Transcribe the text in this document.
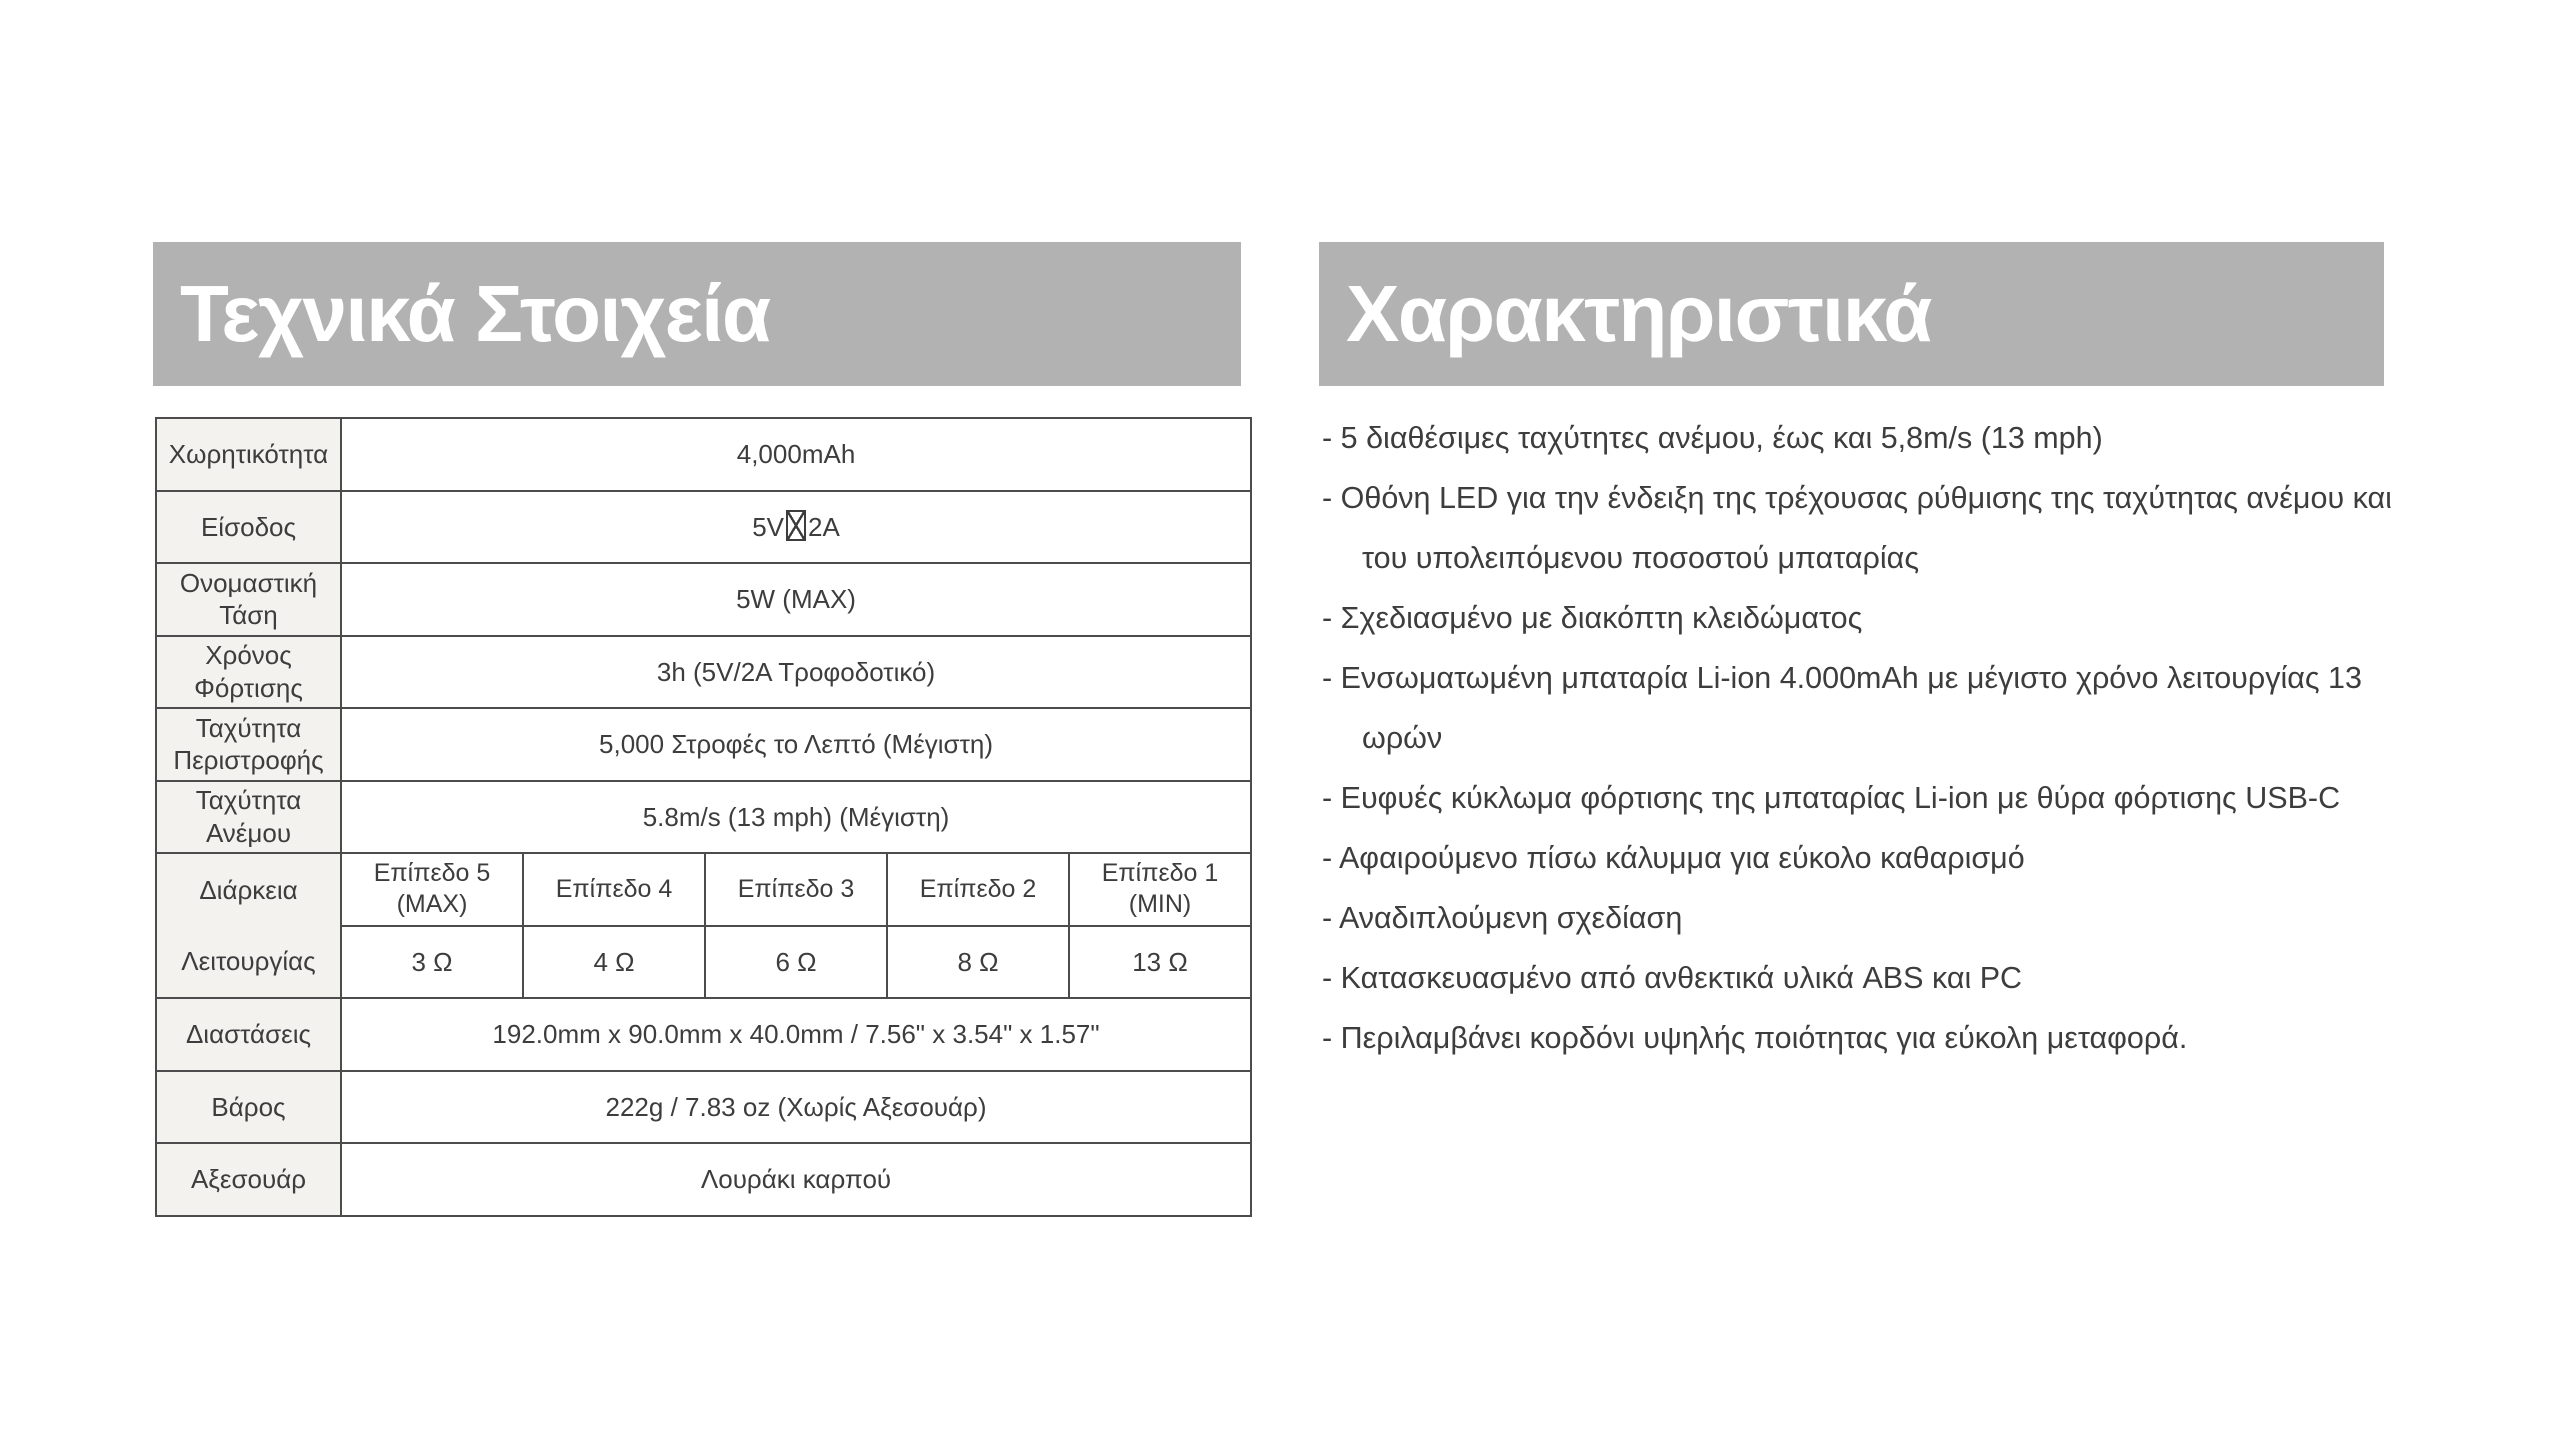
Τεχνικά Στοιχεία
Χωρητικότητα	4,000mAh				
Είσοδος	5V 2A				
Ονομαστική Τάση	5W (MAX)				
Χρόνος Φόρτισης	3h (5V/2A Τροφοδοτικό)				
Ταχύτητα Περιστροφής	5,000 Στροφές το Λεπτό (Μέγιστη)				
Ταχύτητα Ανέμου	5.8m/s (13 mph) (Μέγιστη)				

Διάρκεια
Λειτουργίας	Επίπεδο 5 (MAX)	Επίπεδο 4	Επίπεδο 3	Επίπεδο 2	Επίπεδο 1 (MIN)
	3 Ω	4 Ω	6 Ω	8 Ω	13 Ω
Διαστάσεις	192.0mm x 90.0mm x 40.0mm / 7.56" x 3.54" x 1.57"				
Βάρος	222g / 7.83 oz (Χωρίς Αξεσουάρ)				
Αξεσουάρ	Λουράκι καρπού				
Χαρακτηριστικά
- 5 διαθέσιμες ταχύτητες ανέμου, έως και 5,8m/s (13 mph)
- Οθόνη LED για την ένδειξη της τρέχουσας ρύθμισης της ταχύτητας ανέμου και του υπολειπόμενου ποσοστού μπαταρίας
- Σχεδιασμένο με διακόπτη κλειδώματος
- Ενσωματωμένη μπαταρία Li-ion 4.000mAh με μέγιστο χρόνο λειτουργίας 13 ωρών
- Ευφυές κύκλωμα φόρτισης της μπαταρίας Li-ion με θύρα φόρτισης USB-C
- Αφαιρούμενο πίσω κάλυμμα για εύκολο καθαρισμό
- Αναδιπλούμενη σχεδίαση
- Κατασκευασμένο από ανθεκτικά υλικά ABS και PC
- Περιλαμβάνει κορδόνι υψηλής ποιότητας για εύκολη μεταφορά.
